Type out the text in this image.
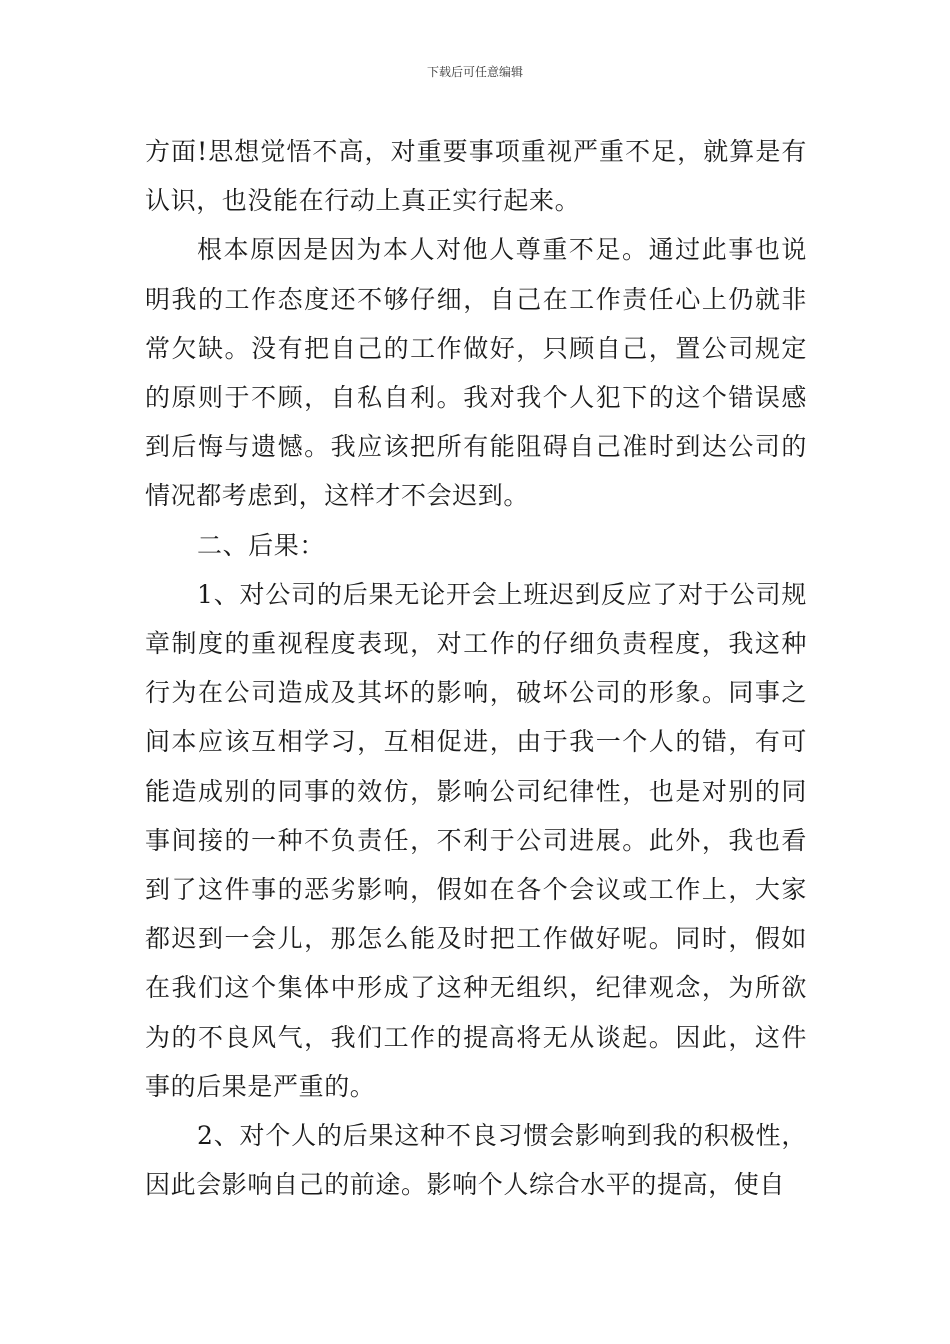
下载后可任意编辑

方面!思想觉悟不高，对重要事项重视严重不足，就算是有认识，也没能在行动上真正实行起来。

根本原因是因为本人对他人尊重不足。通过此事也说明我的工作态度还不够仔细，自己在工作责任心上仍就非常欠缺。没有把自己的工作做好，只顾自己，置公司规定的原则于不顾，自私自利。我对我个人犯下的这个错误感到后悔与遗憾。我应该把所有能阻碍自己准时到达公司的情况都考虑到，这样才不会迟到。

二、后果：

1、对公司的后果无论开会上班迟到反应了对于公司规章制度的重视程度表现，对工作的仔细负责程度，我这种行为在公司造成及其坏的影响，破坏公司的形象。同事之间本应该互相学习，互相促进，由于我一个人的错，有可能造成别的同事的效仿，影响公司纪律性，也是对别的同事间接的一种不负责任，不利于公司进展。此外，我也看到了这件事的恶劣影响，假如在各个会议或工作上，大家都迟到一会儿，那怎么能及时把工作做好呢。同时，假如在我们这个集体中形成了这种无组织，纪律观念，为所欲为的不良风气，我们工作的提高将无从谈起。因此，这件事的后果是严重的。

2、对个人的后果这种不良习惯会影响到我的积极性，因此会影响自己的前途。影响个人综合水平的提高，使自
